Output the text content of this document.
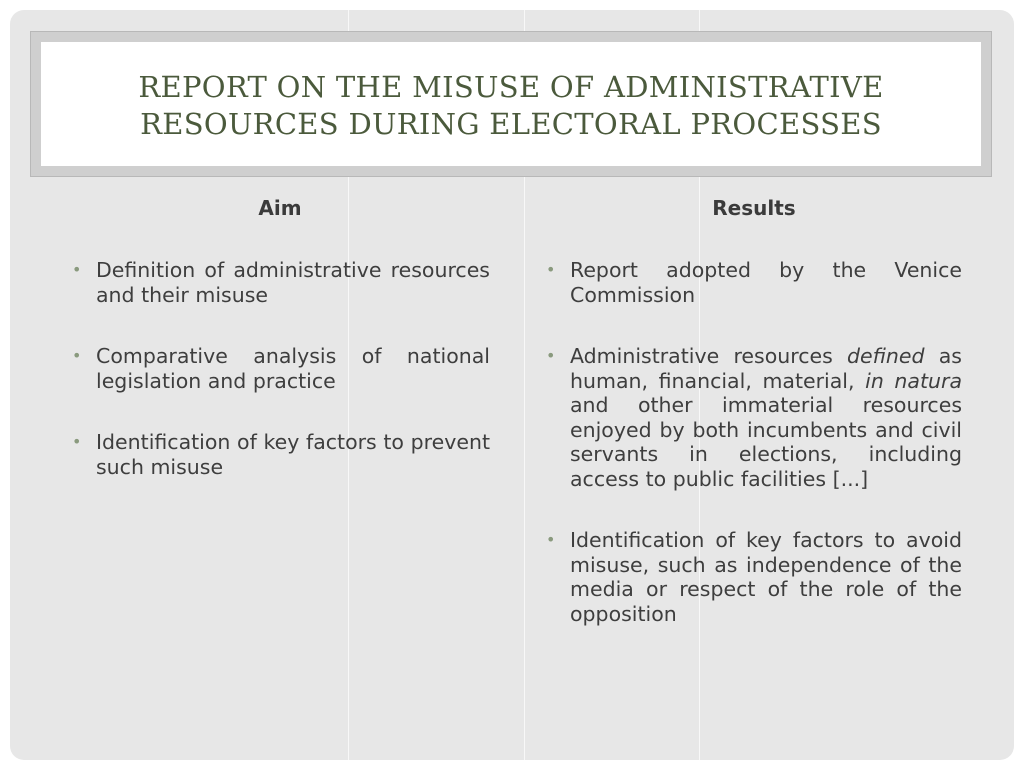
REPORT ON THE MISUSE OF ADMINISTRATIVE RESOURCES DURING ELECTORAL PROCESSES
Aim
• Definition of administrative resources and their misuse
• Comparative analysis of national legislation and practice
• Identification of key factors to prevent such misuse
Results
• Report adopted by the Venice Commission
• Administrative resources defined as human, financial, material, in natura and other immaterial resources enjoyed by both incumbents and civil servants in elections, including access to public facilities [...]
• Identification of key factors to avoid misuse, such as independence of the media or respect of the role of the opposition
